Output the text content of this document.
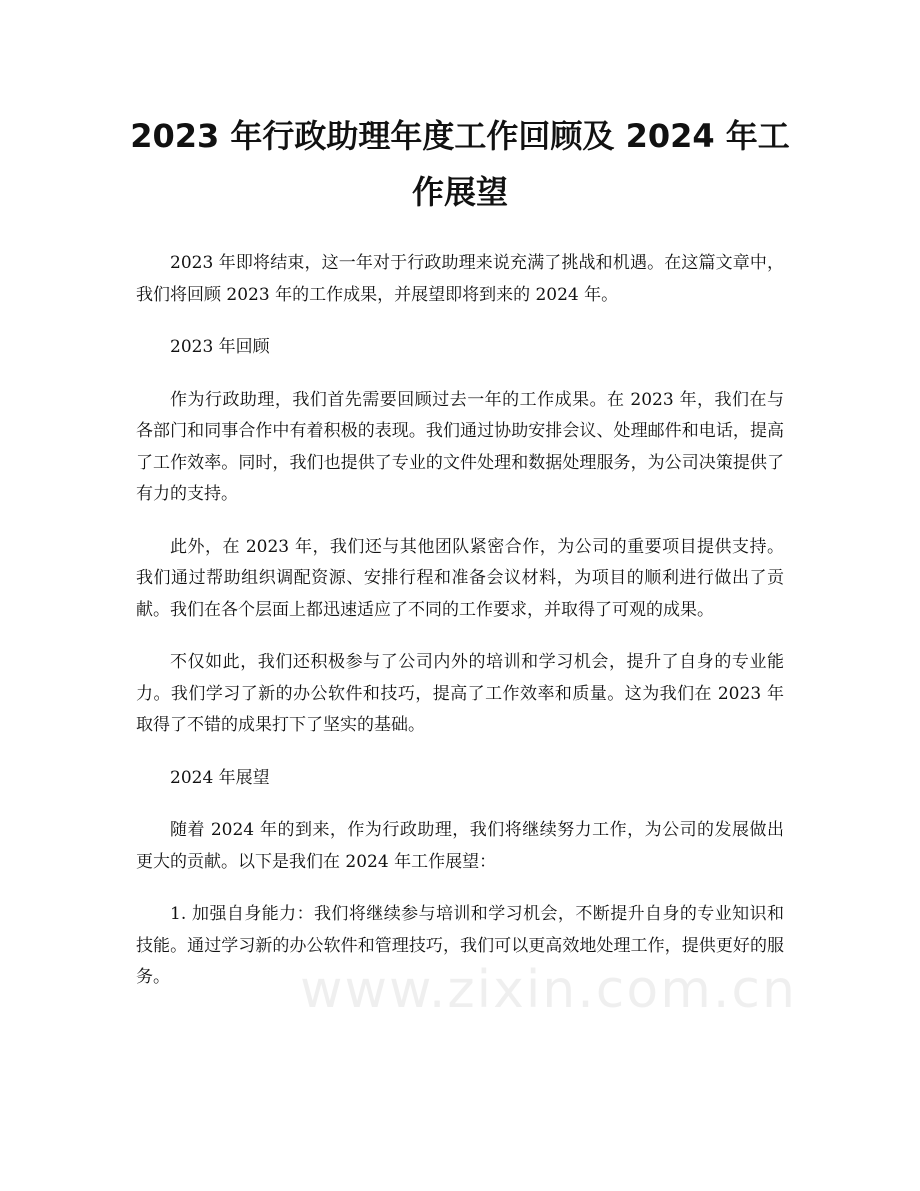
2023 年行政助理年度工作回顾及 2024 年工作展望

2023 年即将结束，这一年对于行政助理来说充满了挑战和机遇。在这篇文章中，我们将回顾 2023 年的工作成果，并展望即将到来的 2024 年。

2023 年回顾

作为行政助理，我们首先需要回顾过去一年的工作成果。在 2023 年，我们在与各部门和同事合作中有着积极的表现。我们通过协助安排会议、处理邮件和电话，提高了工作效率。同时，我们也提供了专业的文件处理和数据处理服务，为公司决策提供了有力的支持。

此外，在 2023 年，我们还与其他团队紧密合作，为公司的重要项目提供支持。我们通过帮助组织调配资源、安排行程和准备会议材料，为项目的顺利进行做出了贡献。我们在各个层面上都迅速适应了不同的工作要求，并取得了可观的成果。

不仅如此，我们还积极参与了公司内外的培训和学习机会，提升了自身的专业能力。我们学习了新的办公软件和技巧，提高了工作效率和质量。这为我们在 2023 年取得了不错的成果打下了坚实的基础。

2024 年展望

随着 2024 年的到来，作为行政助理，我们将继续努力工作，为公司的发展做出更大的贡献。以下是我们在 2024 年工作展望：

1. 加强自身能力：我们将继续参与培训和学习机会，不断提升自身的专业知识和技能。通过学习新的办公软件和管理技巧，我们可以更高效地处理工作，提供更好的服务。	www.zixin.com.cn
